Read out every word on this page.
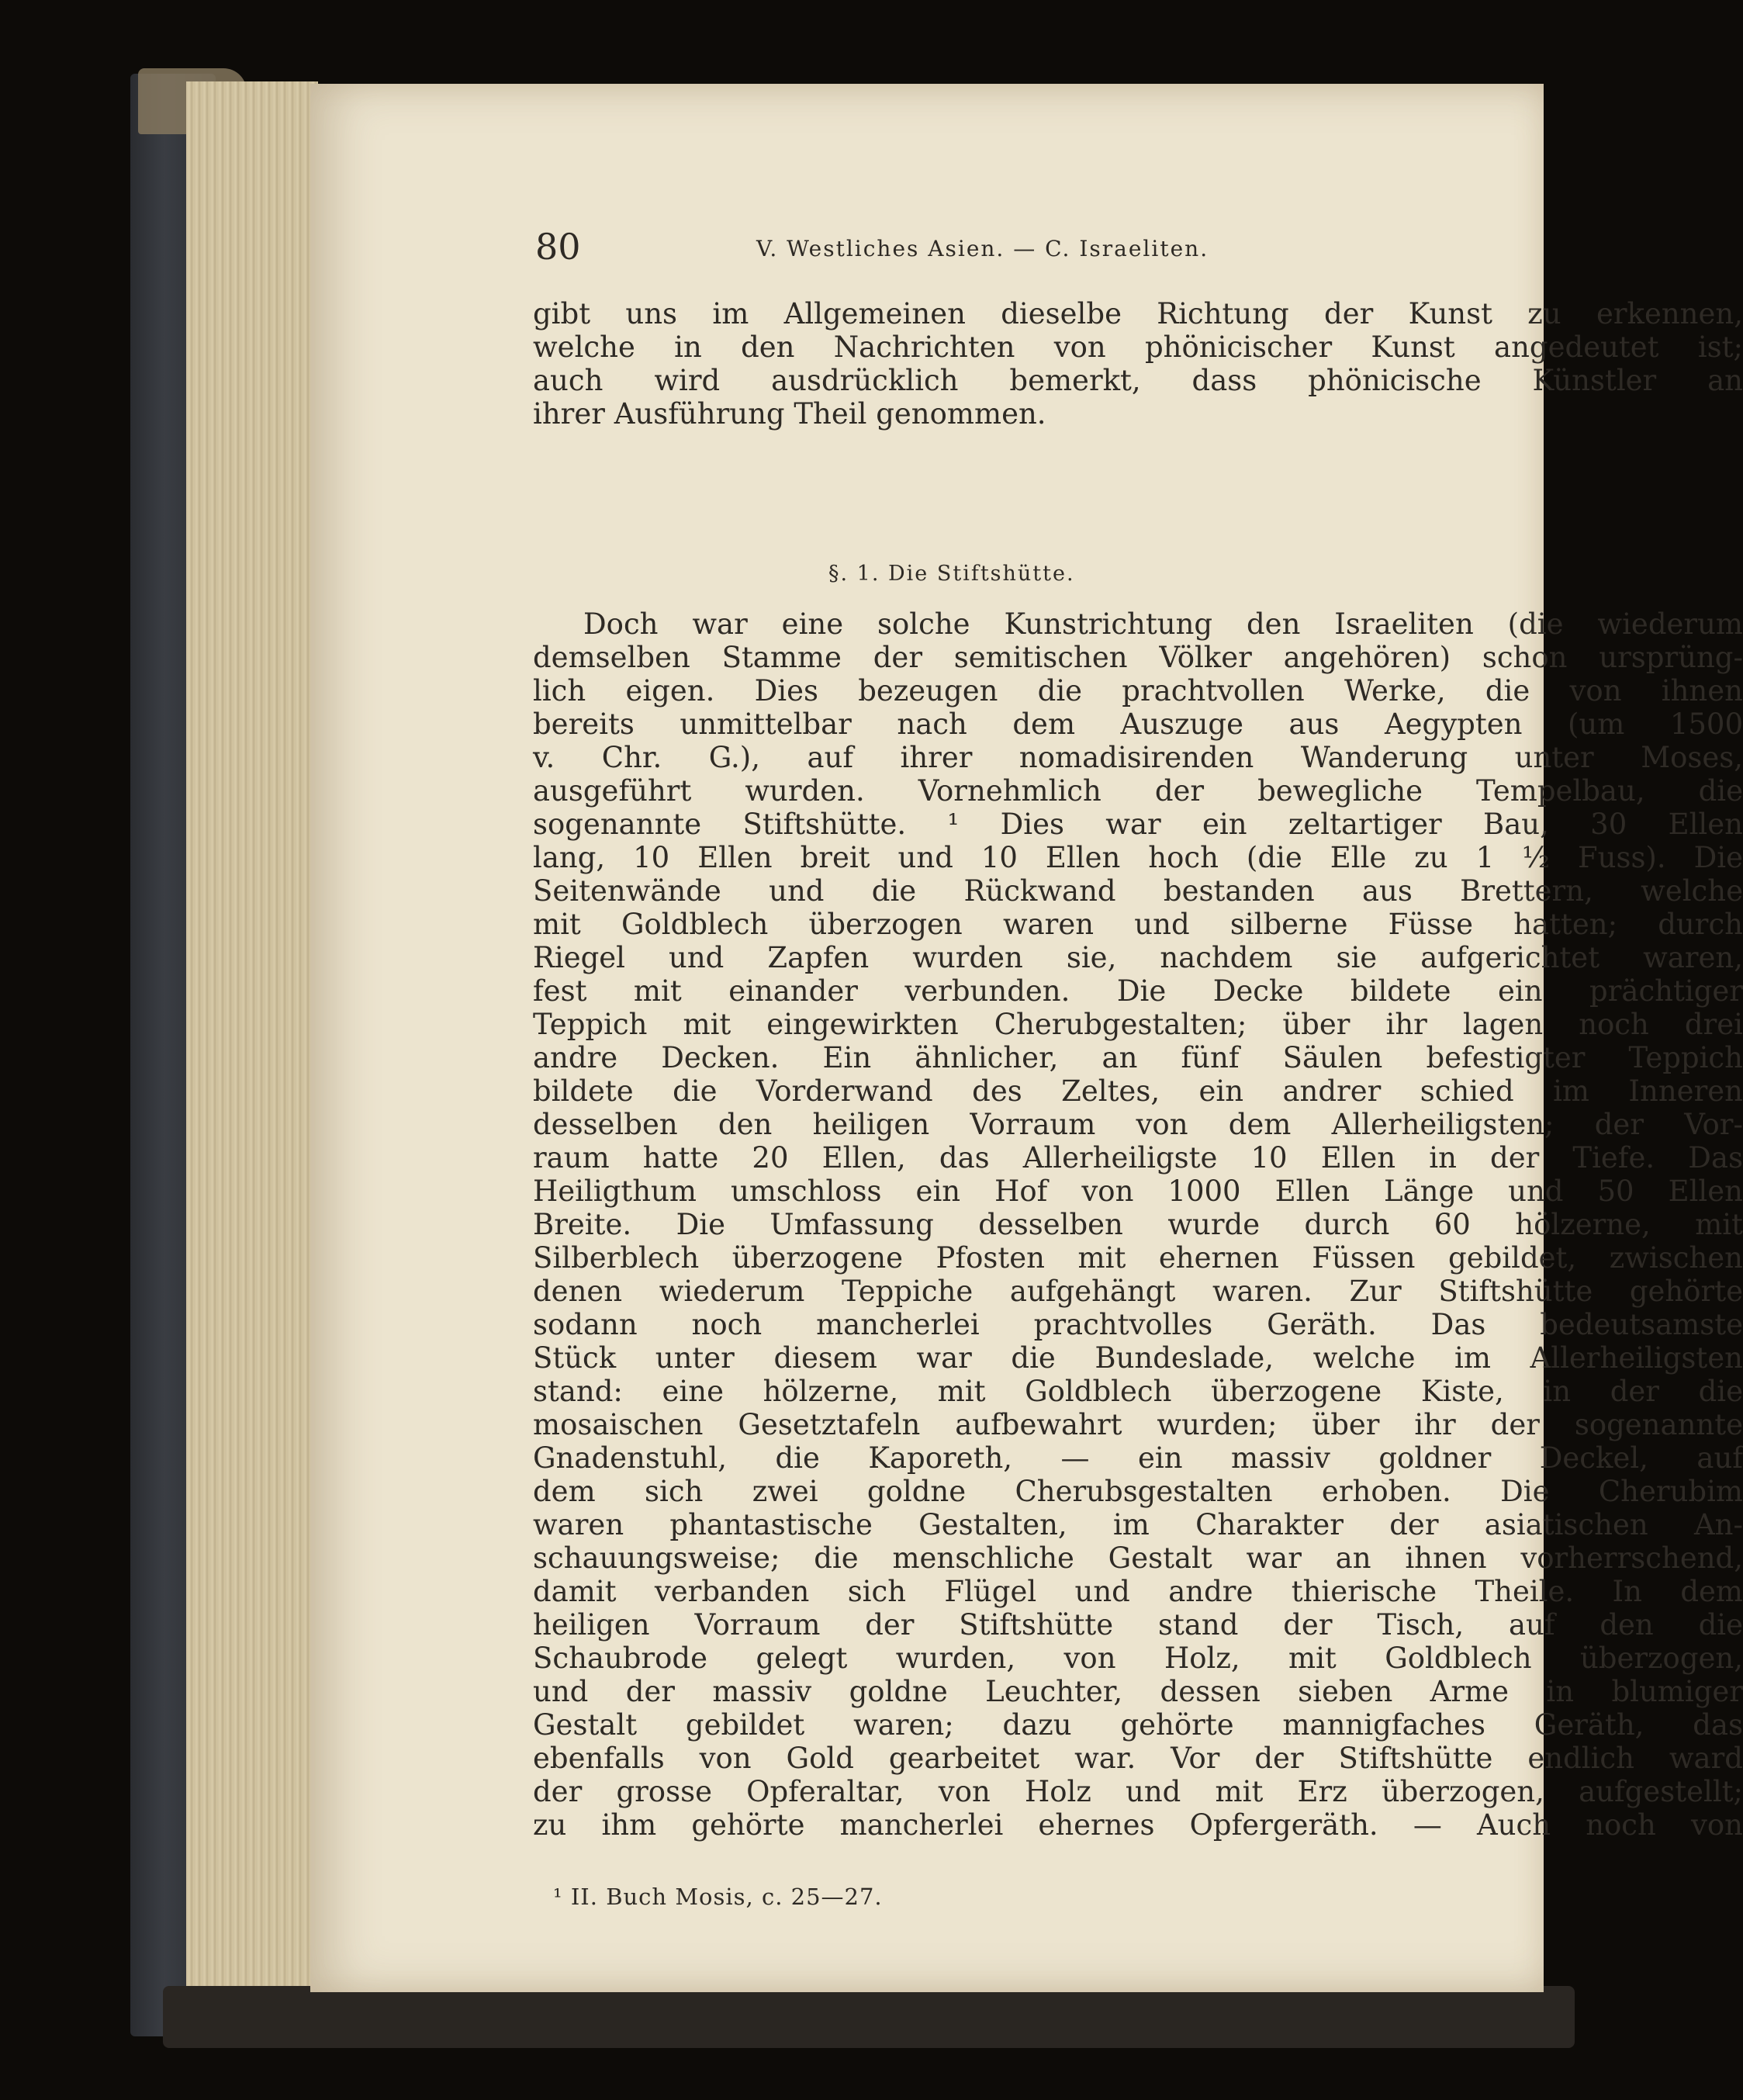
80	V. Westliches Asien. — C. Israeliten.
gibt uns im Allgemeinen dieselbe Richtung der Kunst zu erkennen,
welche in den Nachrichten von phönicischer Kunst angedeutet ist;
auch wird ausdrücklich bemerkt, dass phönicische Künstler an
ihrer Ausführung Theil genommen.
§. 1. Die Stiftshütte.
Doch war eine solche Kunstrichtung den Israeliten (die wiederum
demselben Stamme der semitischen Völker angehören) schon ursprüng-
lich eigen. Dies bezeugen die prachtvollen Werke, die von ihnen
bereits unmittelbar nach dem Auszuge aus Aegypten (um 1500
v. Chr. G.), auf ihrer nomadisirenden Wanderung unter Moses,
ausgeführt wurden. Vornehmlich der bewegliche Tempelbau, die
sogenannte Stiftshütte. ¹ Dies war ein zeltartiger Bau, 30 Ellen
lang, 10 Ellen breit und 10 Ellen hoch (die Elle zu 1 ½ Fuss). Die
Seitenwände und die Rückwand bestanden aus Brettern, welche
mit Goldblech überzogen waren und silberne Füsse hatten; durch
Riegel und Zapfen wurden sie, nachdem sie aufgerichtet waren,
fest mit einander verbunden. Die Decke bildete ein prächtiger
Teppich mit eingewirkten Cherubgestalten; über ihr lagen noch drei
andre Decken. Ein ähnlicher, an fünf Säulen befestigter Teppich
bildete die Vorderwand des Zeltes, ein andrer schied im Inneren
desselben den heiligen Vorraum von dem Allerheiligsten; der Vor-
raum hatte 20 Ellen, das Allerheiligste 10 Ellen in der Tiefe. Das
Heiligthum umschloss ein Hof von 1000 Ellen Länge und 50 Ellen
Breite. Die Umfassung desselben wurde durch 60 hölzerne, mit
Silberblech überzogene Pfosten mit ehernen Füssen gebildet, zwischen
denen wiederum Teppiche aufgehängt waren. Zur Stiftshütte gehörte
sodann noch mancherlei prachtvolles Geräth. Das bedeutsamste
Stück unter diesem war die Bundeslade, welche im Allerheiligsten
stand: eine hölzerne, mit Goldblech überzogene Kiste, in der die
mosaischen Gesetztafeln aufbewahrt wurden; über ihr der sogenannte
Gnadenstuhl, die Kaporeth, — ein massiv goldner Deckel, auf
dem sich zwei goldne Cherubsgestalten erhoben. Die Cherubim
waren phantastische Gestalten, im Charakter der asiatischen An-
schauungsweise; die menschliche Gestalt war an ihnen vorherrschend,
damit verbanden sich Flügel und andre thierische Theile. In dem
heiligen Vorraum der Stiftshütte stand der Tisch, auf den die
Schaubrode gelegt wurden, von Holz, mit Goldblech überzogen,
und der massiv goldne Leuchter, dessen sieben Arme in blumiger
Gestalt gebildet waren; dazu gehörte mannigfaches Geräth, das
ebenfalls von Gold gearbeitet war. Vor der Stiftshütte endlich ward
der grosse Opferaltar, von Holz und mit Erz überzogen, aufgestellt;
zu ihm gehörte mancherlei ehernes Opfergeräth. — Auch noch von
¹ II. Buch Mosis, c. 25—27.
